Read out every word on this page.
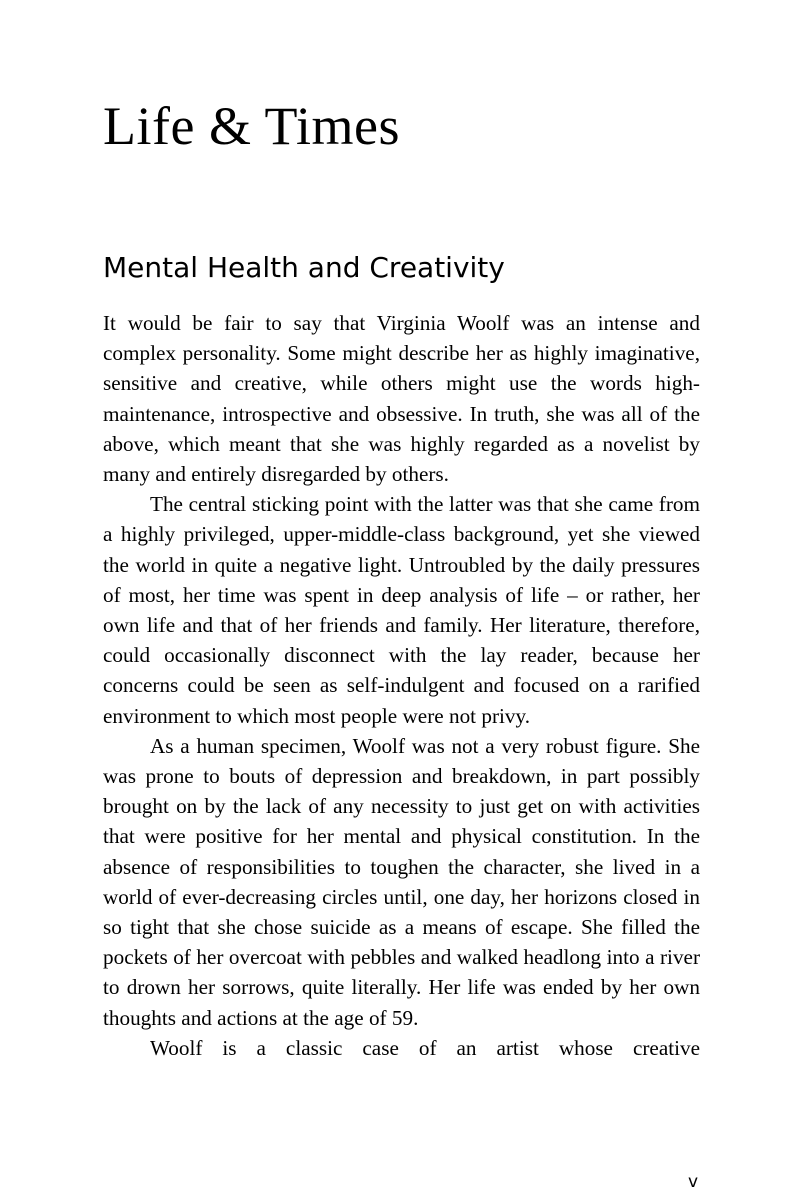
Life & Times
Mental Health and Creativity

It would be fair to say that Virginia Woolf was an intense and complex personality. Some might describe her as highly imaginative, sensitive and creative, while others might use the words high-maintenance, introspective and obsessive. In truth, she was all of the above, which meant that she was highly regarded as a novelist by many and entirely disregarded by others.

The central sticking point with the latter was that she came from a highly privileged, upper-middle-class background, yet she viewed the world in quite a negative light. Untroubled by the daily pressures of most, her time was spent in deep analysis of life – or rather, her own life and that of her friends and family. Her literature, therefore, could occasionally disconnect with the lay reader, because her concerns could be seen as self-indulgent and focused on a rarified environment to which most people were not privy.

As a human specimen, Woolf was not a very robust figure. She was prone to bouts of depression and breakdown, in part possibly brought on by the lack of any necessity to just get on with activities that were positive for her mental and physical constitution. In the absence of responsibilities to toughen the character, she lived in a world of ever-decreasing circles until, one day, her horizons closed in so tight that she chose suicide as a means of escape. She filled the pockets of her overcoat with pebbles and walked headlong into a river to drown her sorrows, quite literally. Her life was ended by her own thoughts and actions at the age of 59.

Woolf is a classic case of an artist whose creative

v
